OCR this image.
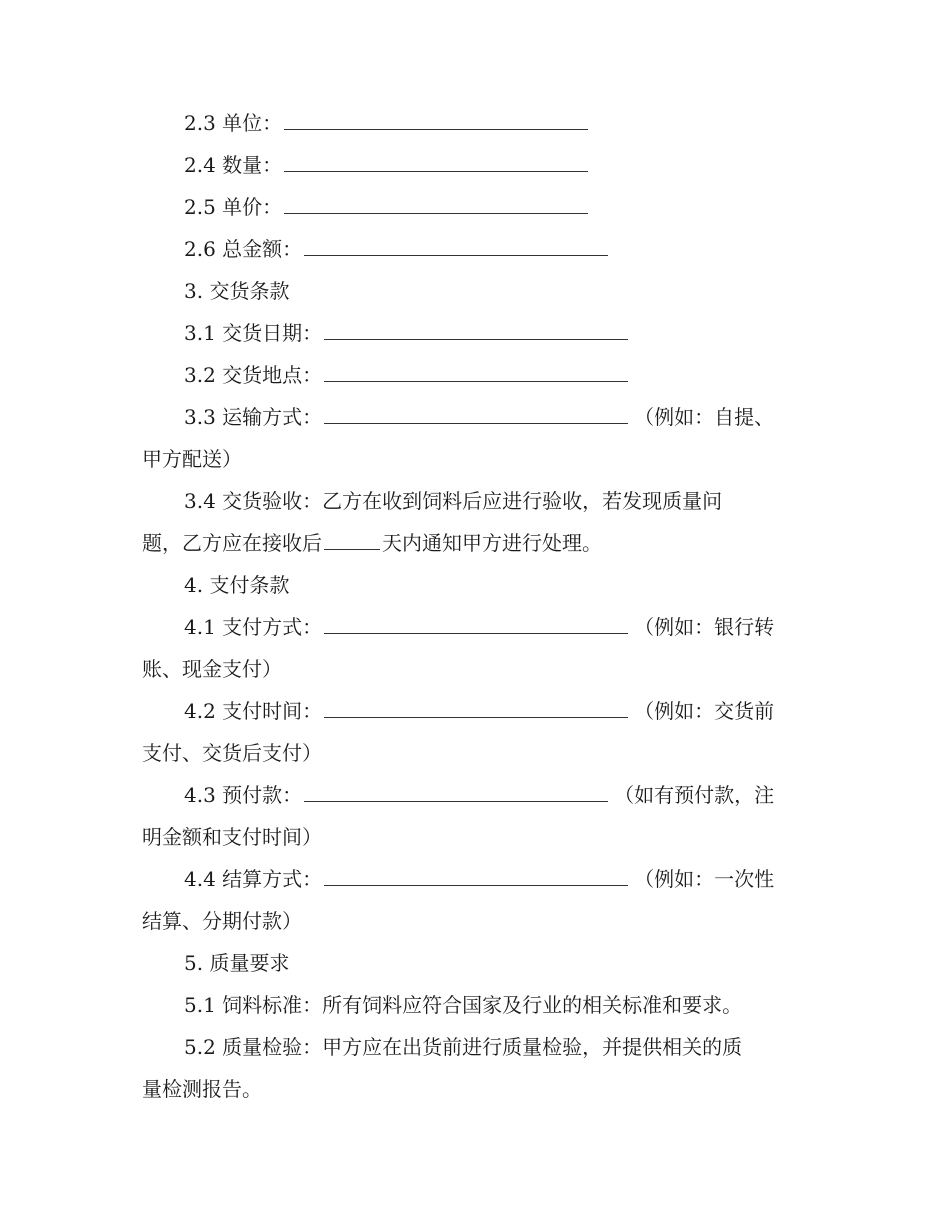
2.3 单位：
2.4 数量：
2.5 单价：
2.6 总金额：
3. 交货条款
3.1 交货日期：
3.2 交货地点：
3.3 运输方式：	（例如：自提、
甲方配送）
3.4 交货验收：乙方在收到饲料后应进行验收，若发现质量问
题，乙方应在接收后	天内通知甲方进行处理。
4. 支付条款
4.1 支付方式：	（例如：银行转
账、现金支付）
4.2 支付时间：	（例如：交货前
支付、交货后支付）
4.3 预付款：	（如有预付款，注
明金额和支付时间）
4.4 结算方式：	（例如：一次性
结算、分期付款）
5. 质量要求
5.1 饲料标准：所有饲料应符合国家及行业的相关标准和要求。
5.2 质量检验：甲方应在出货前进行质量检验，并提供相关的质
量检测报告。
